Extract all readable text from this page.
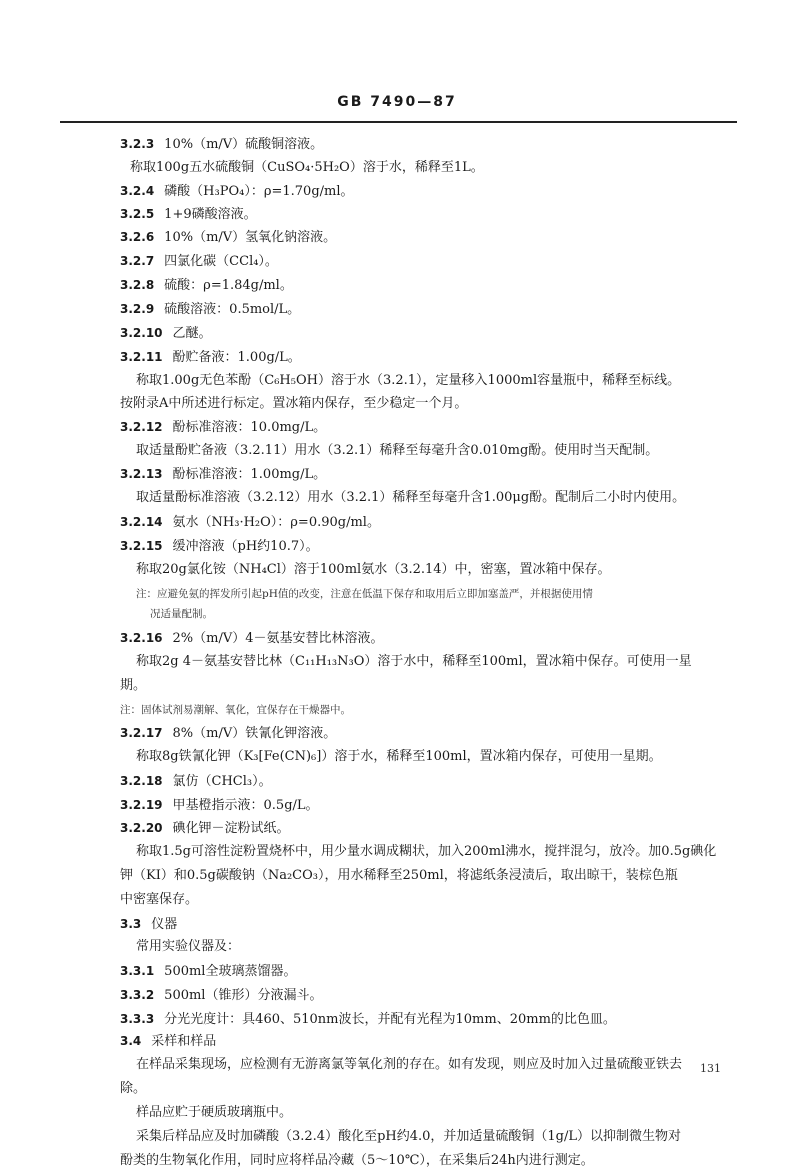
GB 7490—87
3.2.3 10%（m/V）硫酸铜溶液。
称取100g五水硫酸铜（CuSO₄·5H₂O）溶于水，稀释至1L。
3.2.4 磷酸（H₃PO₄）：ρ=1.70g/ml。
3.2.5 1+9磷酸溶液。
3.2.6 10%（m/V）氢氧化钠溶液。
3.2.7 四氯化碳（CCl₄）。
3.2.8 硫酸：ρ=1.84g/ml。
3.2.9 硫酸溶液：0.5mol/L。
3.2.10 乙醚。
3.2.11 酚贮备液：1.00g/L。
称取1.00g无色苯酚（C₆H₅OH）溶于水（3.2.1），定量移入1000ml容量瓶中，稀释至标线。
按附录A中所述进行标定。置冰箱内保存，至少稳定一个月。
3.2.12 酚标准溶液：10.0mg/L。
取适量酚贮备液（3.2.11）用水（3.2.1）稀释至每毫升含0.010mg酚。使用时当天配制。
3.2.13 酚标准溶液：1.00mg/L。
取适量酚标准溶液（3.2.12）用水（3.2.1）稀释至每毫升含1.00μg酚。配制后二小时内使用。
3.2.14 氨水（NH₃·H₂O）：ρ=0.90g/ml。
3.2.15 缓冲溶液（pH约10.7）。
称取20g氯化铵（NH₄Cl）溶于100ml氨水（3.2.14）中，密塞，置冰箱中保存。
注：应避免氨的挥发所引起pH值的改变，注意在低温下保存和取用后立即加塞盖严，并根据使用情
况适量配制。
3.2.16 2%（m/V）4－氨基安替比林溶液。
称取2g 4－氨基安替比林（C₁₁H₁₃N₃O）溶于水中，稀释至100ml，置冰箱中保存。可使用一星
期。
注：固体试剂易潮解、氧化，宜保存在干燥器中。
3.2.17 8%（m/V）铁氰化钾溶液。
称取8g铁氰化钾（K₃[Fe(CN)₆]）溶于水，稀释至100ml，置冰箱内保存，可使用一星期。
3.2.18 氯仿（CHCl₃）。
3.2.19 甲基橙指示液：0.5g/L。
3.2.20 碘化钾－淀粉试纸。
称取1.5g可溶性淀粉置烧杯中，用少量水调成糊状，加入200ml沸水，搅拌混匀，放冷。加0.5g碘化
钾（KI）和0.5g碳酸钠（Na₂CO₃），用水稀释至250ml，将滤纸条浸渍后，取出晾干，装棕色瓶
中密塞保存。
3.3 仪器
常用实验仪器及：
3.3.1 500ml全玻璃蒸馏器。
3.3.2 500ml（锥形）分液漏斗。
3.3.3 分光光度计：具460、510nm波长，并配有光程为10mm、20mm的比色皿。
3.4 采样和样品
在样品采集现场，应检测有无游离氯等氧化剂的存在。如有发现，则应及时加入过量硫酸亚铁去
除。
样品应贮于硬质玻璃瓶中。
采集后样品应及时加磷酸（3.2.4）酸化至pH约4.0，并加适量硫酸铜（1g/L）以抑制微生物对
酚类的生物氧化作用，同时应将样品冷藏（5～10℃），在采集后24h内进行测定。
131
